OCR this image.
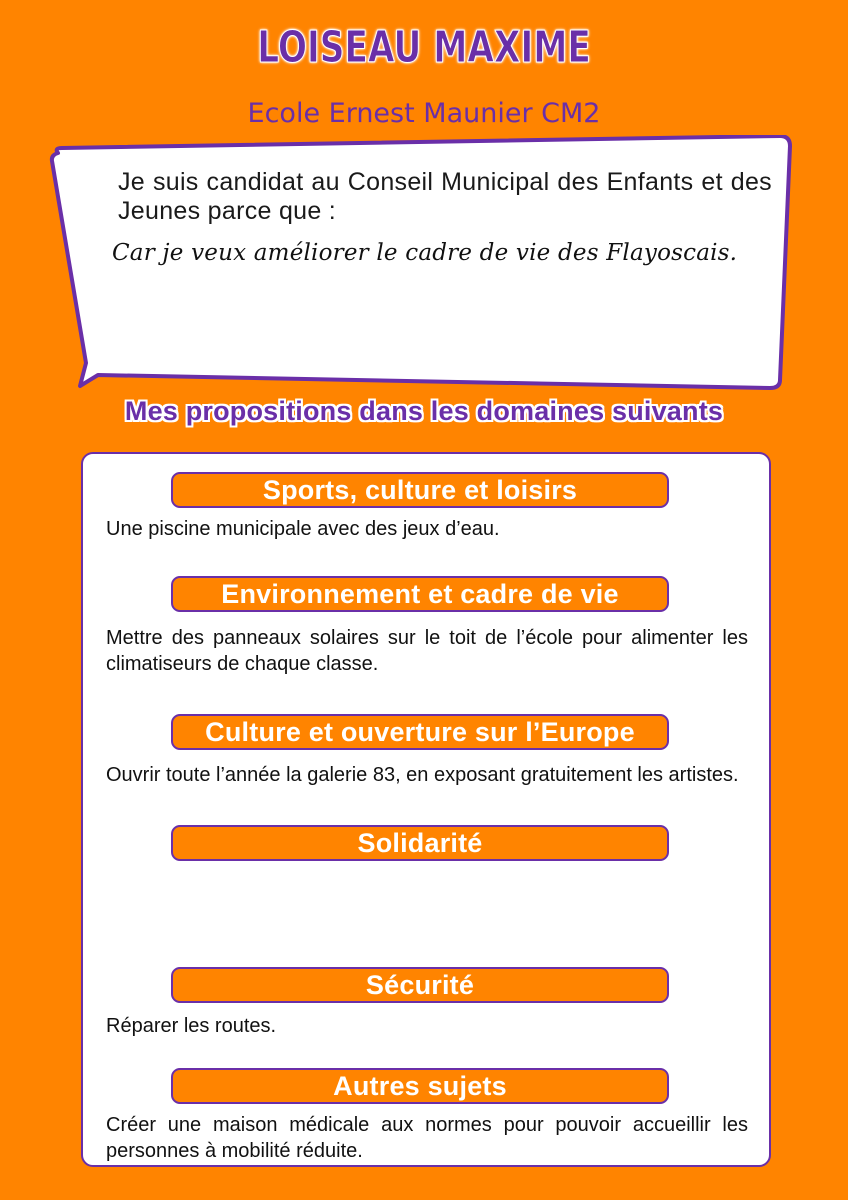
LOISEAU MAXIME
Ecole Ernest Maunier CM2
Je suis candidat au Conseil Municipal des Enfants et des Jeunes parce que :
Car je veux améliorer le cadre de vie des Flayoscais.
Mes propositions dans les domaines suivants
Sports, culture et loisirs
Une piscine municipale avec des jeux d’eau.
Environnement et cadre de vie
Mettre des panneaux solaires sur le toit de l’école pour alimenter les climatiseurs de chaque classe.
Culture et ouverture sur l’Europe
Ouvrir toute l’année la galerie 83, en exposant gratuitement les artistes.
Solidarité
Sécurité
Réparer les routes.
Autres sujets
Créer une maison médicale aux normes pour pouvoir accueillir les personnes à mobilité réduite.
